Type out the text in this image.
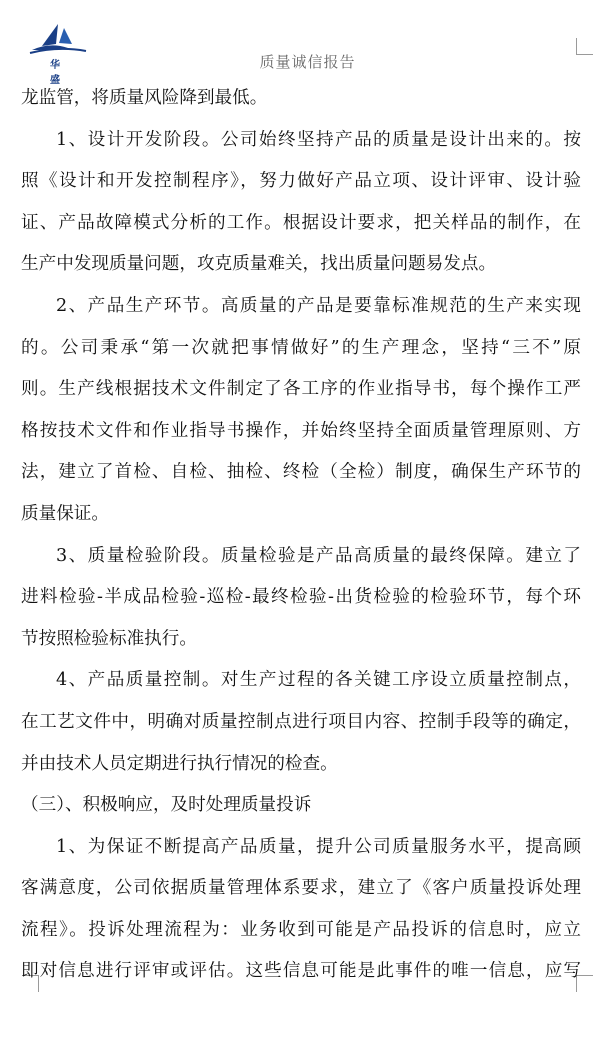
华 盛
质量诚信报告
龙监管，将质量风险降到最低。
1、设计开发阶段。公司始终坚持产品的质量是设计出来的。按
照《设计和开发控制程序》，努力做好产品立项、设计评审、设计验
证、产品故障模式分析的工作。根据设计要求，把关样品的制作，在
生产中发现质量问题，攻克质量难关，找出质量问题易发点。
2、产品生产环节。高质量的产品是要靠标准规范的生产来实现
的。公司秉承“第一次就把事情做好”的生产理念，坚持“三不”原
则。生产线根据技术文件制定了各工序的作业指导书，每个操作工严
格按技术文件和作业指导书操作，并始终坚持全面质量管理原则、方
法，建立了首检、自检、抽检、终检（全检）制度，确保生产环节的
质量保证。
3、质量检验阶段。质量检验是产品高质量的最终保障。建立了
进料检验-半成品检验-巡检-最终检验-出货检验的检验环节，每个环
节按照检验标准执行。
4、产品质量控制。对生产过程的各关键工序设立质量控制点，
在工艺文件中，明确对质量控制点进行项目内容、控制手段等的确定，
并由技术人员定期进行执行情况的检查。
（三）、积极响应，及时处理质量投诉
1、为保证不断提高产品质量，提升公司质量服务水平，提高顾
客满意度，公司依据质量管理体系要求，建立了《客户质量投诉处理
流程》。投诉处理流程为：业务收到可能是产品投诉的信息时，应立
即对信息进行评审或评估。这些信息可能是此事件的唯一信息，应写
